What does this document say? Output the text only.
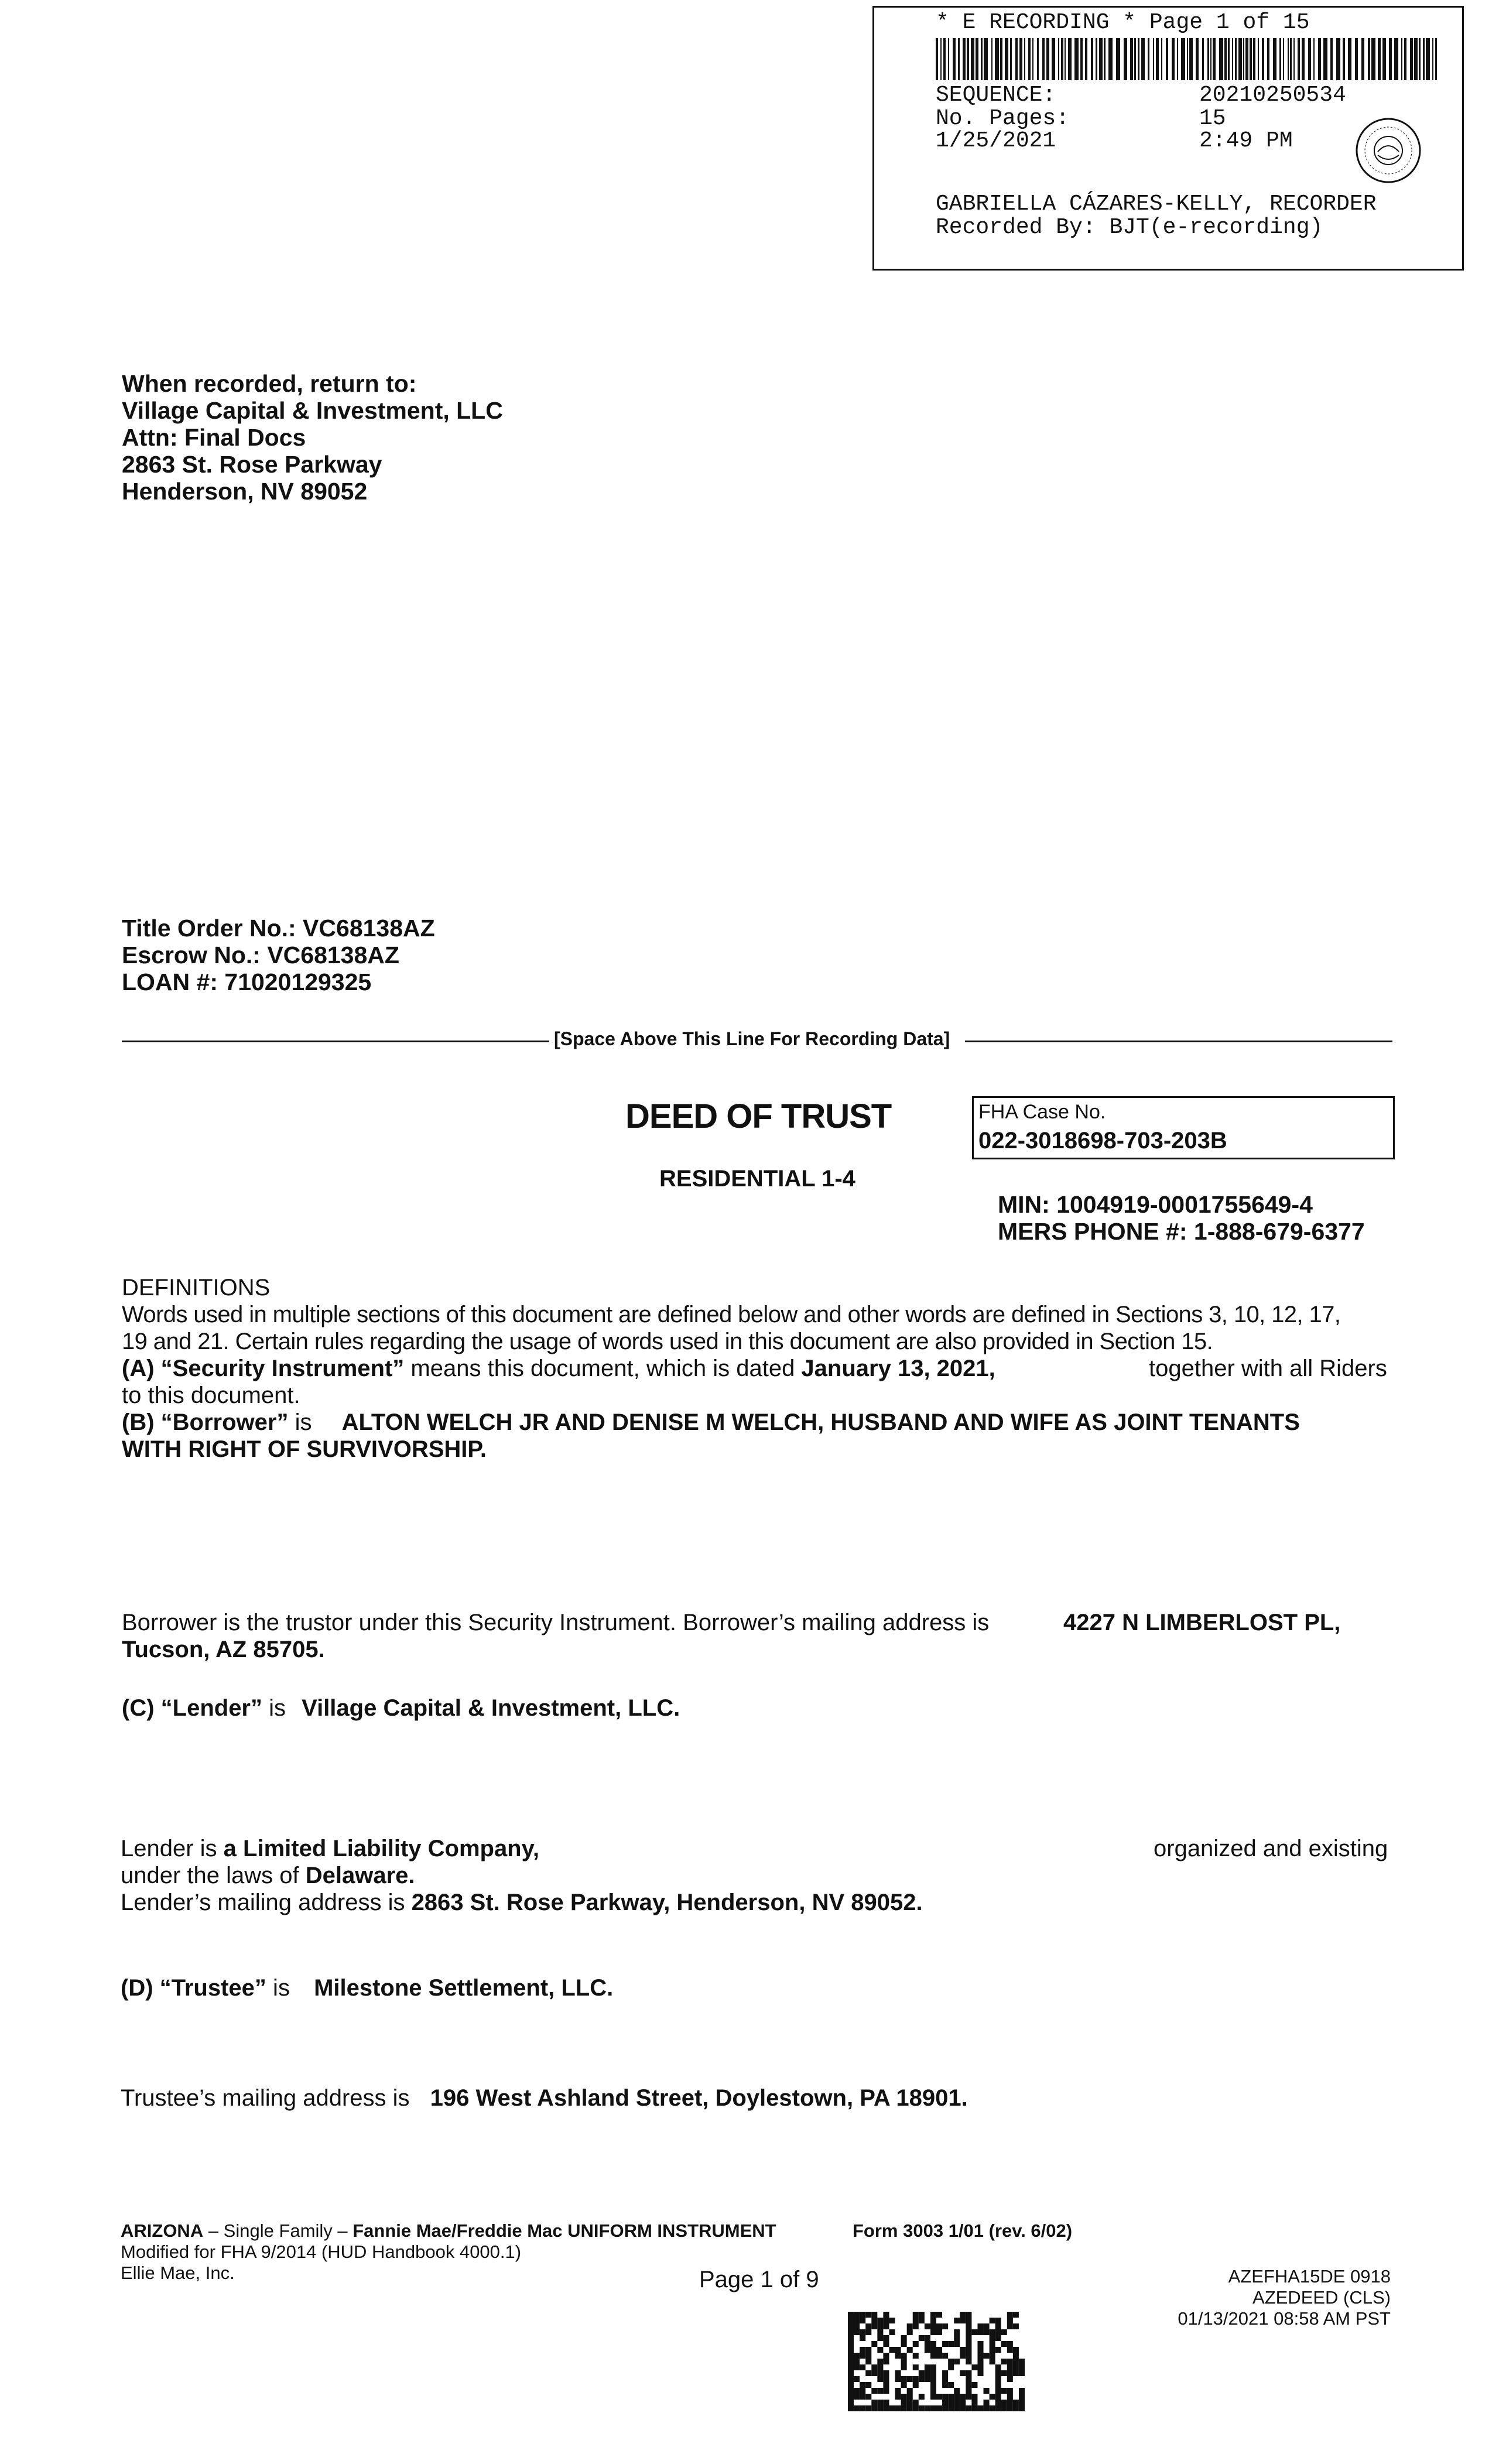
* E RECORDING * Page 1 of 15
SEQUENCE:	20210250534
No. Pages:	15
1/25/2021	2:49 PM
GABRIELLA CÁZARES-KELLY, RECORDER
Recorded By: BJT(e-recording)
When recorded, return to:
Village Capital & Investment, LLC
Attn: Final Docs
2863 St. Rose Parkway
Henderson, NV 89052
Title Order No.: VC68138AZ
Escrow No.: VC68138AZ
LOAN #: 71020129325
[Space Above This Line For Recording Data]
DEED OF TRUST
RESIDENTIAL 1-4
FHA Case No.
022-3018698-703-203B
MIN: 1004919-0001755649-4
MERS PHONE #: 1-888-679-6377
DEFINITIONS
Words used in multiple sections of this document are defined below and other words are defined in Sections 3, 10, 12, 17,
19 and 21. Certain rules regarding the usage of words used in this document are also provided in Section 15.
(A) “Security Instrument” means this document, which is dated January 13, 2021,	together with all Riders
to this document.
(B) “Borrower” is ALTON WELCH JR AND DENISE M WELCH, HUSBAND AND WIFE AS JOINT TENANTS
WITH RIGHT OF SURVIVORSHIP.
Borrower is the trustor under this Security Instrument. Borrower’s mailing address is	4227 N LIMBERLOST PL,
Tucson, AZ 85705.
(C) “Lender” is Village Capital & Investment, LLC.
Lender is a Limited Liability Company,	organized and existing
under the laws of Delaware.
Lender’s mailing address is 2863 St. Rose Parkway, Henderson, NV 89052.
(D) “Trustee” is Milestone Settlement, LLC.
Trustee’s mailing address is 196 West Ashland Street, Doylestown, PA 18901.
ARIZONA – Single Family – Fannie Mae/Freddie Mac UNIFORM INSTRUMENT	Form 3003 1/01 (rev. 6/02)
Modified for FHA 9/2014 (HUD Handbook 4000.1)
Ellie Mae, Inc.	Page 1 of 9	AZEFHA15DE 0918
AZEDEED (CLS)
01/13/2021 08:58 AM PST
